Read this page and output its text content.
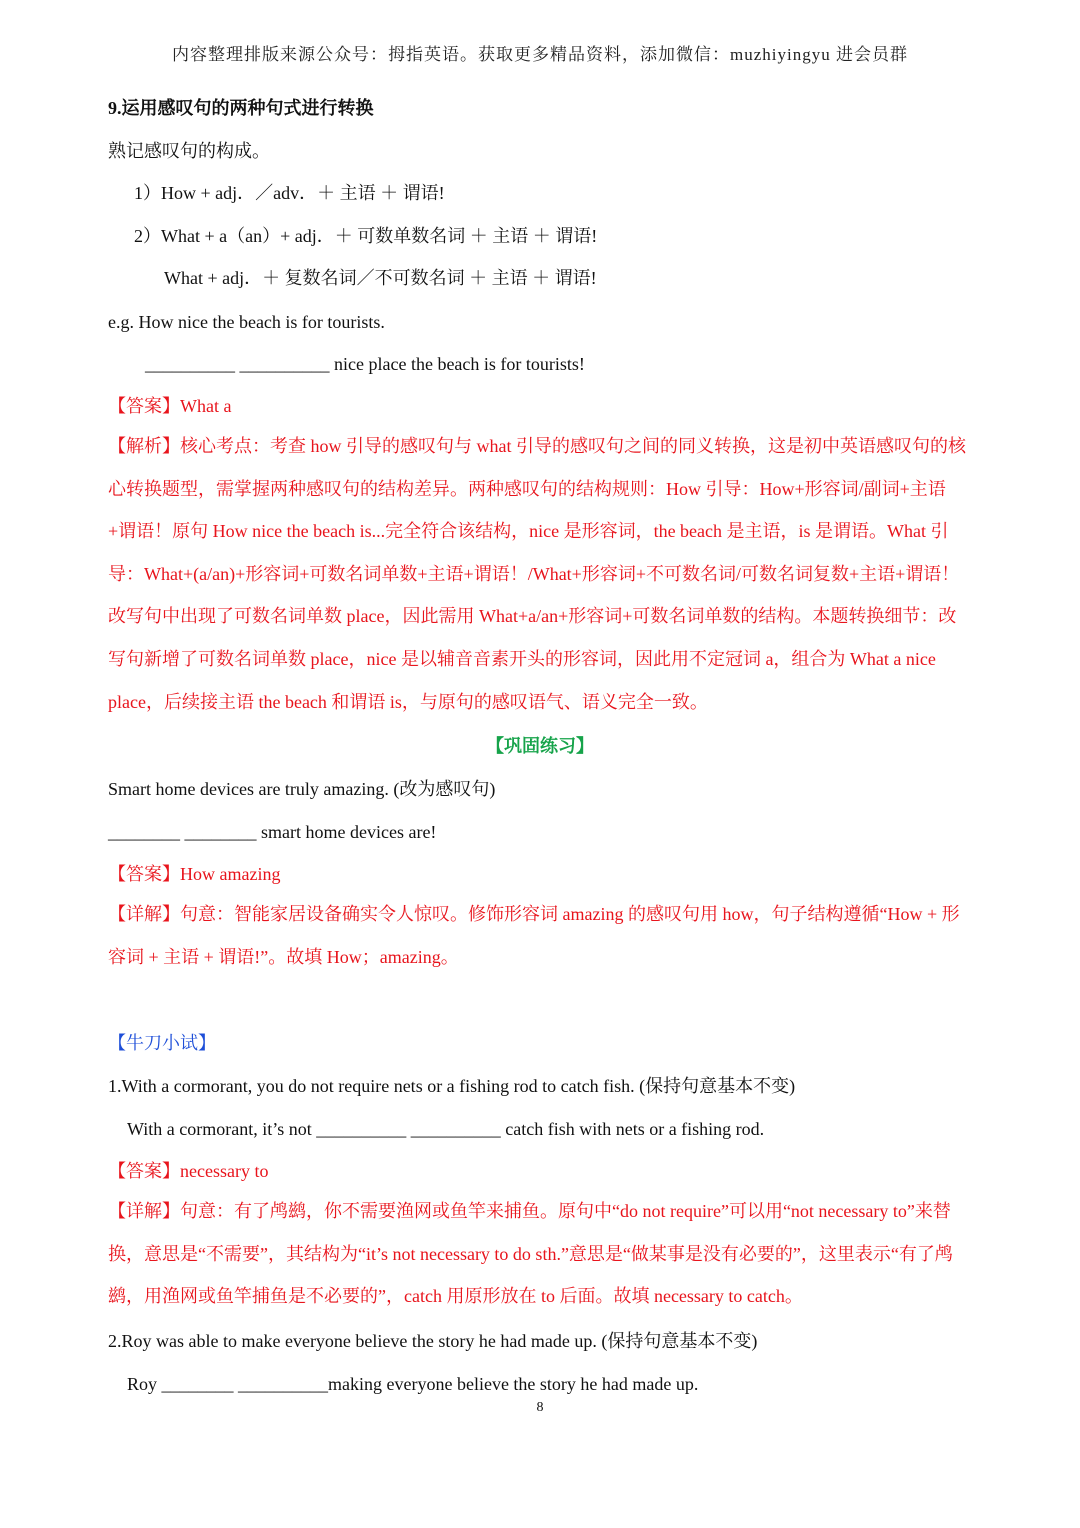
内容整理排版来源公众号：拇指英语。获取更多精品资料，添加微信：muzhiyingyu 进会员群
9.运用感叹句的两种句式进行转换
熟记感叹句的构成。
1）How + adj．／adv．＋ 主语 ＋ 谓语!
2）What + a（an）+ adj．＋ 可数单数名词 ＋ 主语 ＋ 谓语!
What + adj．＋ 复数名词／不可数名词 ＋ 主语 ＋ 谓语!
e.g. How nice the beach is for tourists.
__________ __________ nice place the beach is for tourists!
【答案】What a
【解析】核心考点：考查 how 引导的感叹句与 what 引导的感叹句之间的同义转换，这是初中英语感叹句的核心转换题型，需掌握两种感叹句的结构差异。两种感叹句的结构规则：How 引导：How+形容词/副词+主语+谓语！原句 How nice the beach is...完全符合该结构，nice 是形容词，the beach 是主语，is 是谓语。What 引导：What+(a/an)+形容词+可数名词单数+主语+谓语！/What+形容词+不可数名词/可数名词复数+主语+谓语！改写句中出现了可数名词单数 place，因此需用 What+a/an+形容词+可数名词单数的结构。本题转换细节：改写句新增了可数名词单数 place，nice 是以辅音音素开头的形容词，因此用不定冠词 a，组合为 What a nice place，后续接主语 the beach 和谓语 is，与原句的感叹语气、语义完全一致。
【巩固练习】
Smart home devices are truly amazing. (改为感叹句)
________ ________ smart home devices are!
【答案】How amazing
【详解】句意：智能家居设备确实令人惊叹。修饰形容词 amazing 的感叹句用 how，句子结构遵循“How + 形容词 + 主语 + 谓语!”。故填 How；amazing。
【牛刀小试】
1.With a cormorant, you do not require nets or a fishing rod to catch fish. (保持句意基本不变)
With a cormorant, it’s not __________ __________ catch fish with nets or a fishing rod.
【答案】necessary to
【详解】句意：有了鸬鹚，你不需要渔网或鱼竿来捕鱼。原句中“do not require”可以用“not necessary to”来替换，意思是“不需要”，其结构为“it’s not necessary to do sth.”意思是“做某事是没有必要的”，这里表示“有了鸬鹚，用渔网或鱼竿捕鱼是不必要的”，catch 用原形放在 to 后面。故填 necessary to catch。
2.Roy was able to make everyone believe the story he had made up. (保持句意基本不变)
Roy ________ __________making everyone believe the story he had made up.
8
